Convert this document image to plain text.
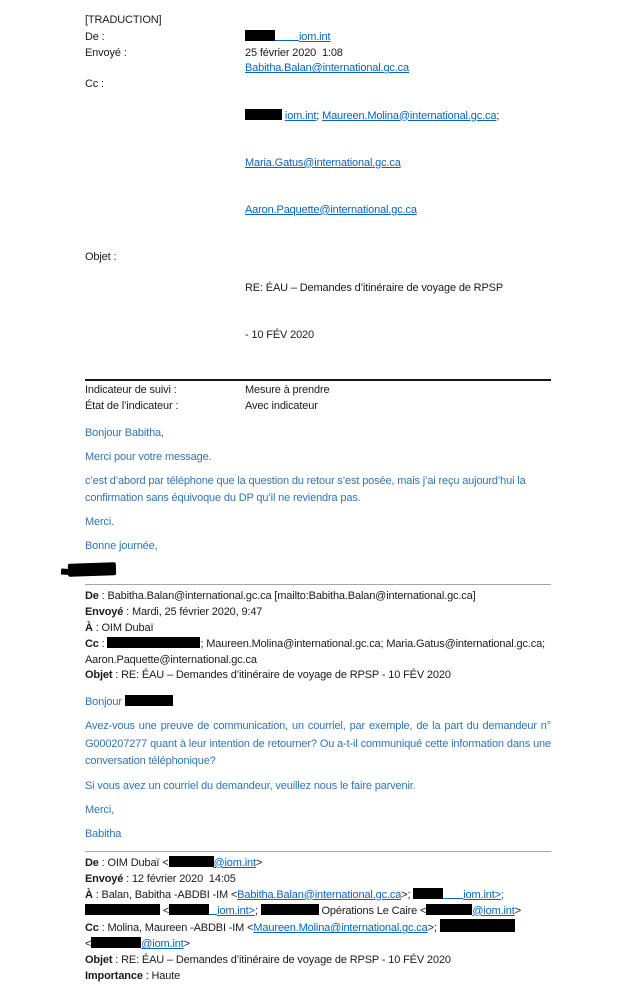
[TRADUCTION]
De :	iom.int
Envoyé :	25 février 2020  1:08
Babitha.Balan@international.gc.ca
Cc :

iom.int; Maureen.Molina@international.gc.ca;

Maria.Gatus@international.gc.ca

Aaron.Paquette@international.gc.ca

Objet :

RE: ÉAU – Demandes d’itinéraire de voyage de RPSP

- 10 FÉV 2020

Indicateur de suivi :	Mesure à prendre
État de l’indicateur :	Avec indicateur

Bonjour Babitha,

Merci pour votre message.

c’est d’abord par téléphone que la question du retour s’est posée, mais j’ai reçu aujourd’hui la confirmation sans équivoque du DP qu’il ne reviendra pas.

Merci.

Bonne journée,

De : Babitha.Balan@international.gc.ca [mailto:Babitha.Balan@international.gc.ca]
Envoyé : Mardi, 25 février 2020, 9:47
À : OIM Dubaï
Cc :	; Maureen.Molina@international.gc.ca; Maria.Gatus@international.gc.ca;
Aaron.Paquette@international.gc.ca
Objet : RE: ÉAU – Demandes d’itinéraire de voyage de RPSP - 10 FÉV 2020

Bonjour

Avez-vous une preuve de communication, un courriel, par exemple, de la part du demandeur n° G000207277 quant à leur intention de retourner? Ou a-t-il communiqué cette information dans une conversation téléphonique?

Si vous avez un courriel du demandeur, veuillez nous le faire parvenir.

Merci,

Babitha

De : OIM Dubaï <	@iom.int>
Envoyé : 12 février 2020  14:05
À : Balan, Babitha -ABDBI -IM <Babitha.Balan@international.gc.ca>;	iom.int>;
<	iom.int>;	Opérations Le Caire <	@iom.int>
Cc : Molina, Maureen -ABDBI -IM <Maureen.Molina@international.gc.ca>;
<	@iom.int>
Objet : RE: ÉAU – Demandes d’itinéraire de voyage de RPSP - 10 FÉV 2020
Importance : Haute
